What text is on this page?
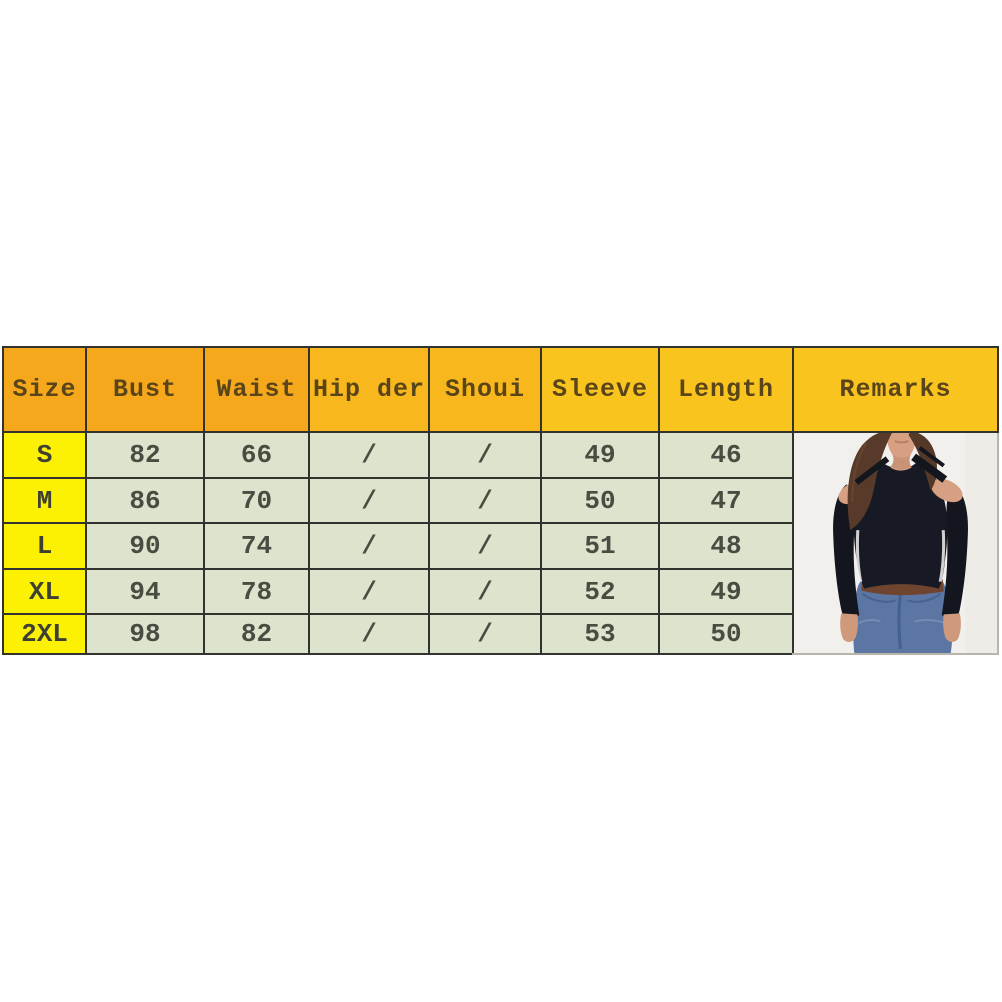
Size	Bust	Waist	Hip der	Shoui	Sleeve	Length	Remarks
S	82	66	/	/	49	46	

M	86	70	/	/	50	47	
L	90	74	/	/	51	48	
XL	94	78	/	/	52	49	
2XL	98	82	/	/	53	50	
